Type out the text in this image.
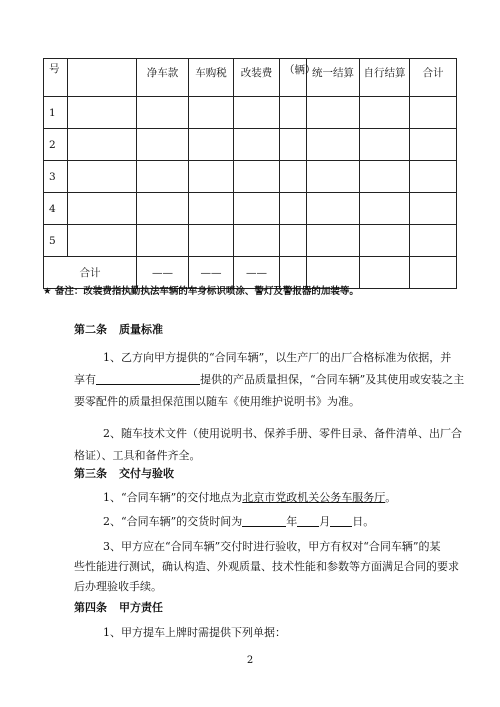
号		净车款	车购税	改装费	（辆）	统一结算	自行结算	合计
1								
2								
3								
4								
5								
合计		——	——	——				
★ 备注：改装费指执勤执法车辆的车身标识喷涂、警灯及警报器的加装等。
第二条 质量标准
1、乙方向甲方提供的“合同车辆”，以生产厂的出厂合格标准为依据，并
享有	提供的产品质量担保，“合同车辆”及其使用或安装之主
要零配件的质量担保范围以随车《使用维护说明书》为准。
2、随车技术文件（使用说明书、保养手册、零件目录、备件清单、出厂合
格证）、工具和备件齐全。
第三条 交付与验收
1、“合同车辆”的交付地点为北京市党政机关公务车服务厅。
2、“合同车辆”的交货时间为	年 月 日。
3、甲方应在“合同车辆”交付时进行验收，甲方有权对“合同车辆”的某
些性能进行测试，确认构造、外观质量、技术性能和参数等方面满足合同的要求
后办理验收手续。
第四条 甲方责任
1、甲方提车上牌时需提供下列单据：
2
